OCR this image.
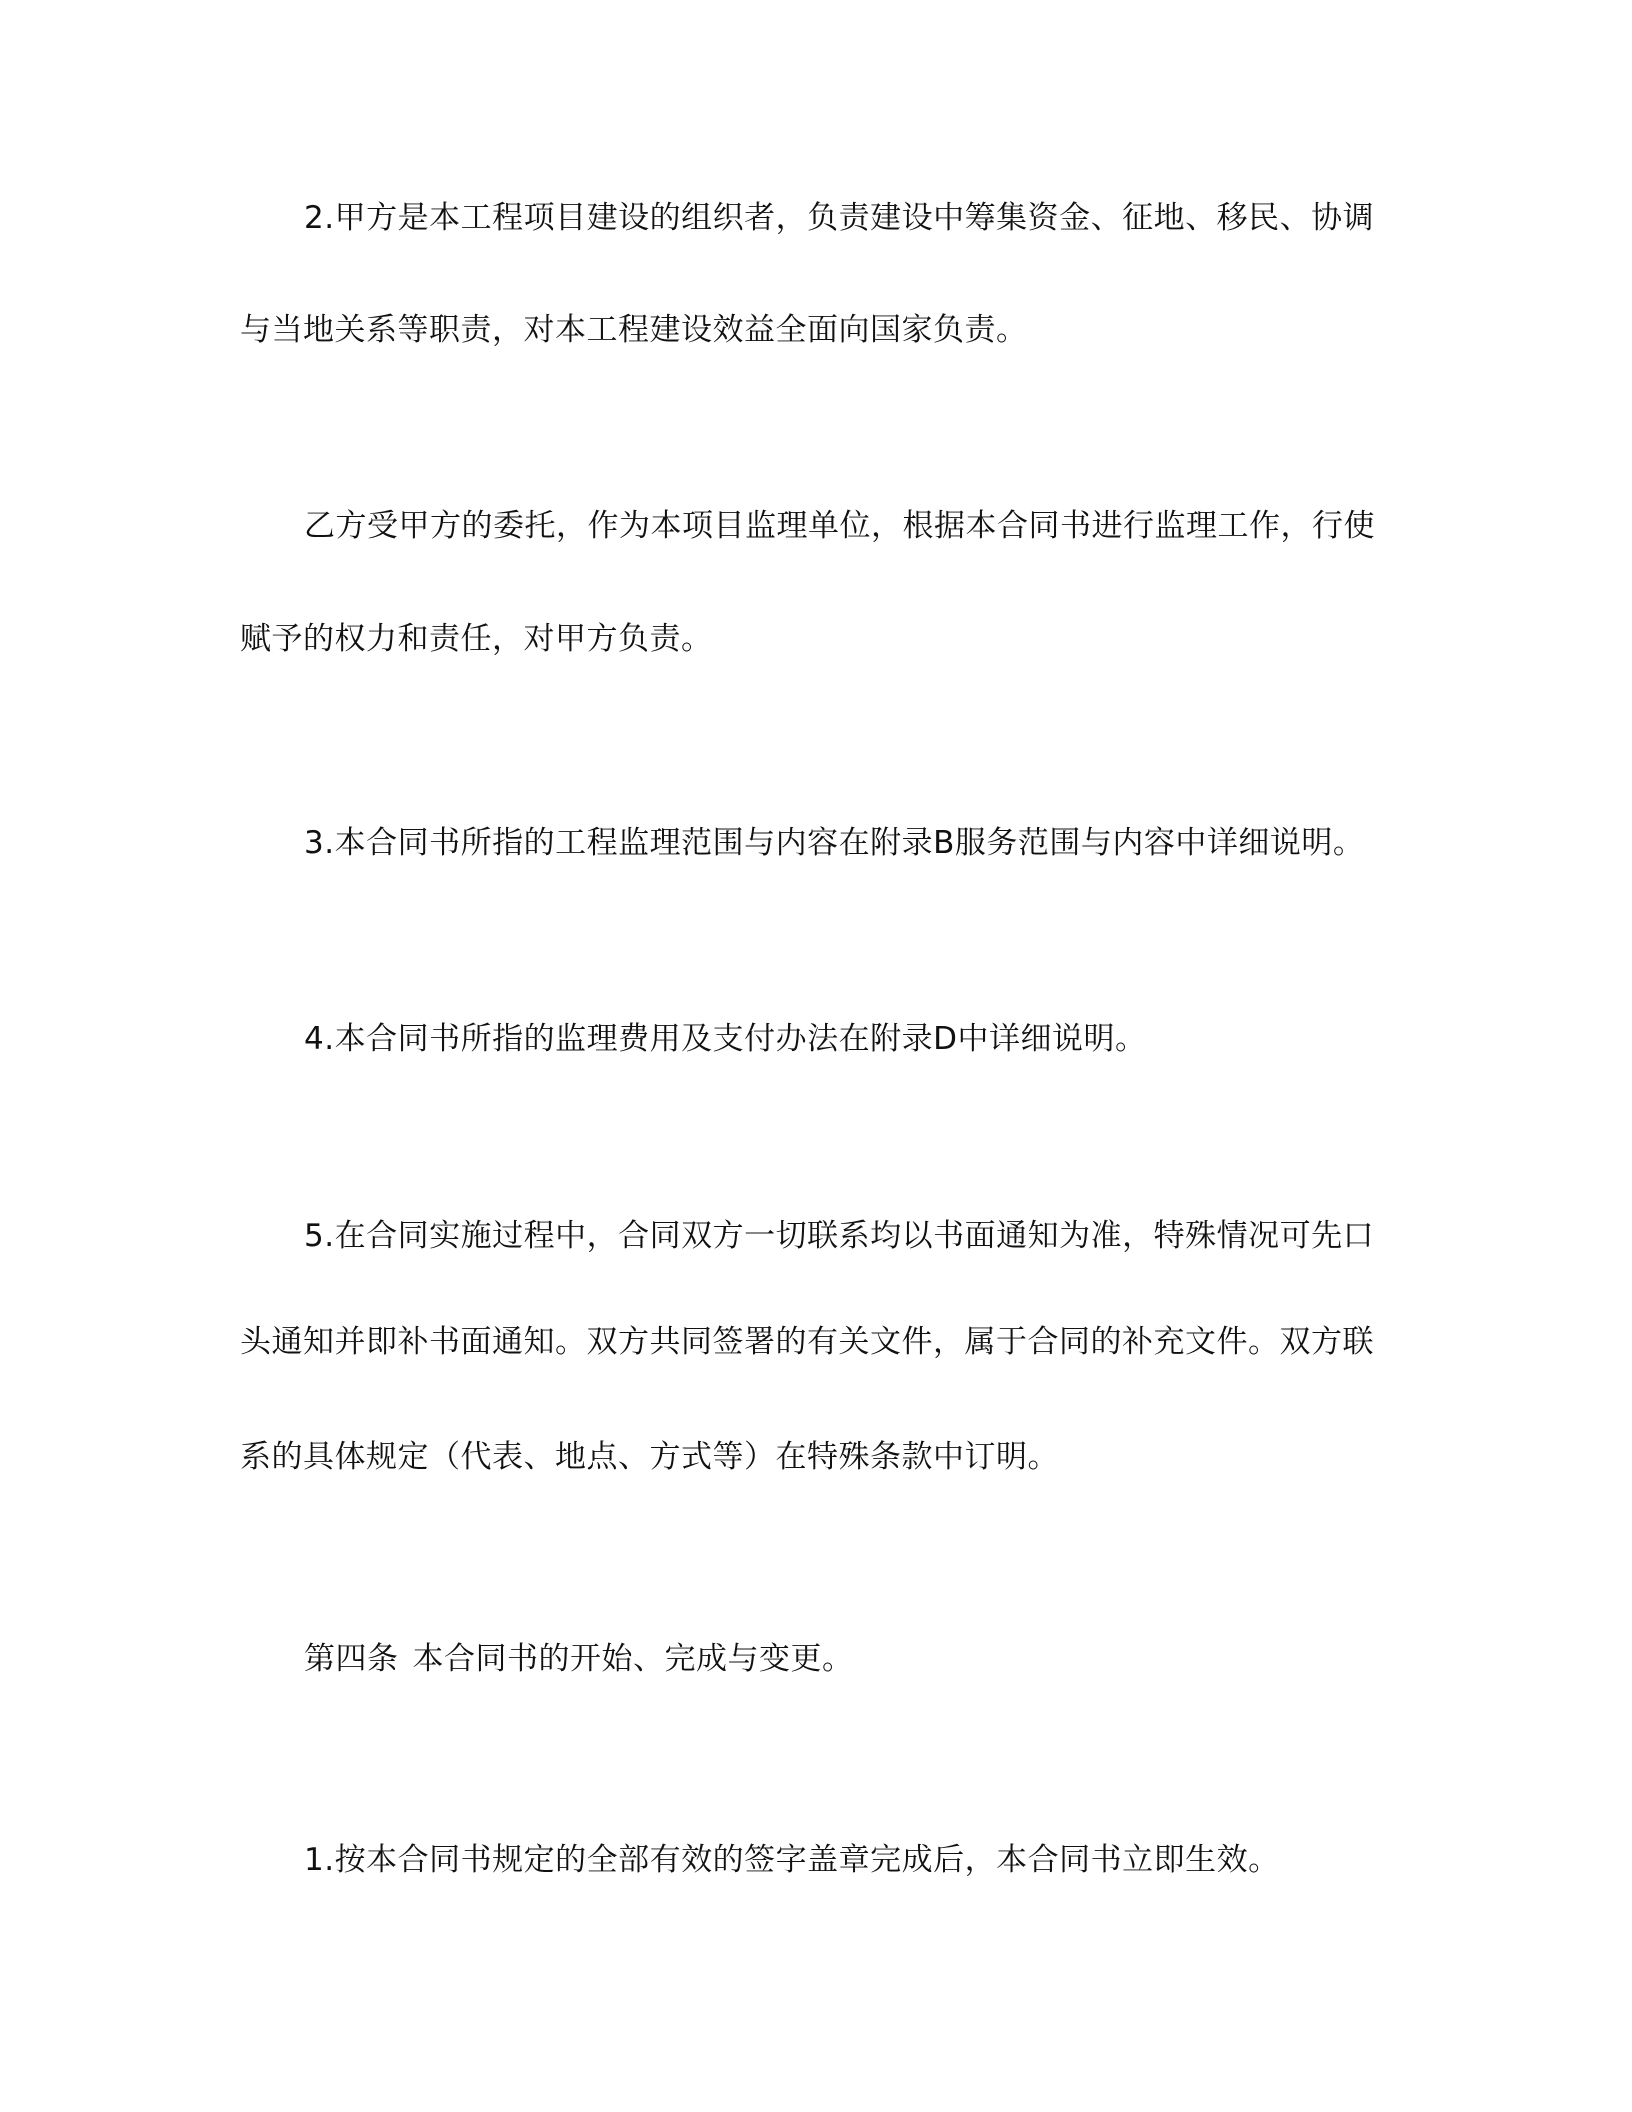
2.甲方是本工程项目建设的组织者，负责建设中筹集资金、征地、移民、协调
与当地关系等职责，对本工程建设效益全面向国家负责。
乙方受甲方的委托，作为本项目监理单位，根据本合同书进行监理工作，行使
赋予的权力和责任，对甲方负责。
3.本合同书所指的工程监理范围与内容在附录B服务范围与内容中详细说明。
4.本合同书所指的监理费用及支付办法在附录D中详细说明。
5.在合同实施过程中，合同双方一切联系均以书面通知为准，特殊情况可先口
头通知并即补书面通知。双方共同签署的有关文件，属于合同的补充文件。双方联
系的具体规定（代表、地点、方式等）在特殊条款中订明。
第四条 本合同书的开始、完成与变更。
1.按本合同书规定的全部有效的签字盖章完成后，本合同书立即生效。
